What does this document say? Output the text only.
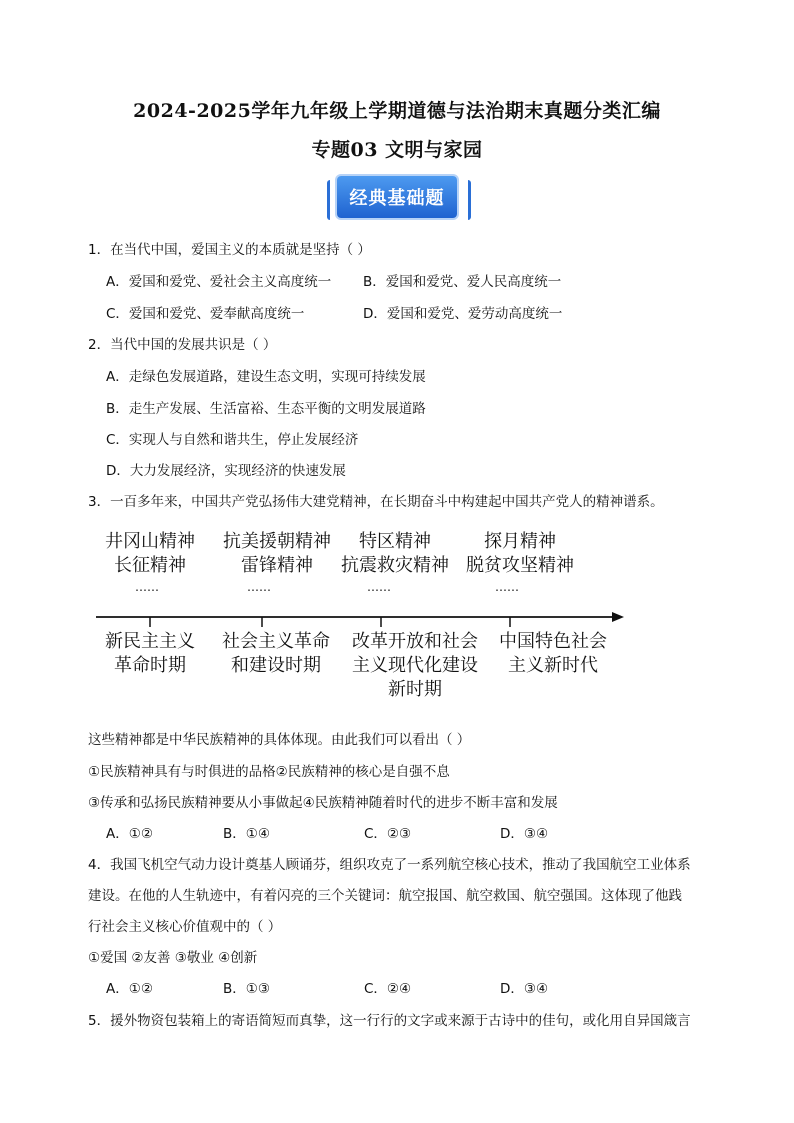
2024-2025学年九年级上学期道德与法治期末真题分类汇编
专题03 文明与家园
经典基础题
1．在当代中国，爱国主义的本质就是坚持（ ）
A．爱国和爱党、爱社会主义高度统一 B．爱国和爱党、爱人民高度统一
C．爱国和爱党、爱奉献高度统一	D．爱国和爱党、爱劳动高度统一
2．当代中国的发展共识是（ ）
A．走绿色发展道路，建设生态文明，实现可持续发展
B．走生产发展、生活富裕、生态平衡的文明发展道路
C．实现人与自然和谐共生，停止发展经济
D．大力发展经济，实现经济的快速发展
3．一百多年来，中国共产党弘扬伟大建党精神，在长期奋斗中构建起中国共产党人的精神谱系。
井冈山精神
长征精神
抗美援朝精神
雷锋精神
特区精神
抗震救灾精神
探月精神
脱贫攻坚精神
……	……	……	……
新民主主义
革命时期
社会主义革命
和建设时期
改革开放和社会
主义现代化建设
新时期
中国特色社会
主义新时代
这些精神都是中华民族精神的具体体现。由此我们可以看出（ ）
①民族精神具有与时俱进的品格②民族精神的核心是自强不息
③传承和弘扬民族精神要从小事做起④民族精神随着时代的进步不断丰富和发展
A．①②	B．①④	C．②③	D．③④
4．我国飞机空气动力设计奠基人顾诵芬，组织攻克了一系列航空核心技术，推动了我国航空工业体系
建设。在他的人生轨迹中，有着闪亮的三个关键词：航空报国、航空救国、航空强国。这体现了他践
行社会主义核心价值观中的（ ）
①爱国 ②友善 ③敬业 ④创新
A．①②	B．①③	C．②④	D．③④
5．援外物资包装箱上的寄语简短而真挚，这一行行的文字或来源于古诗中的佳句，或化用自异国箴言
